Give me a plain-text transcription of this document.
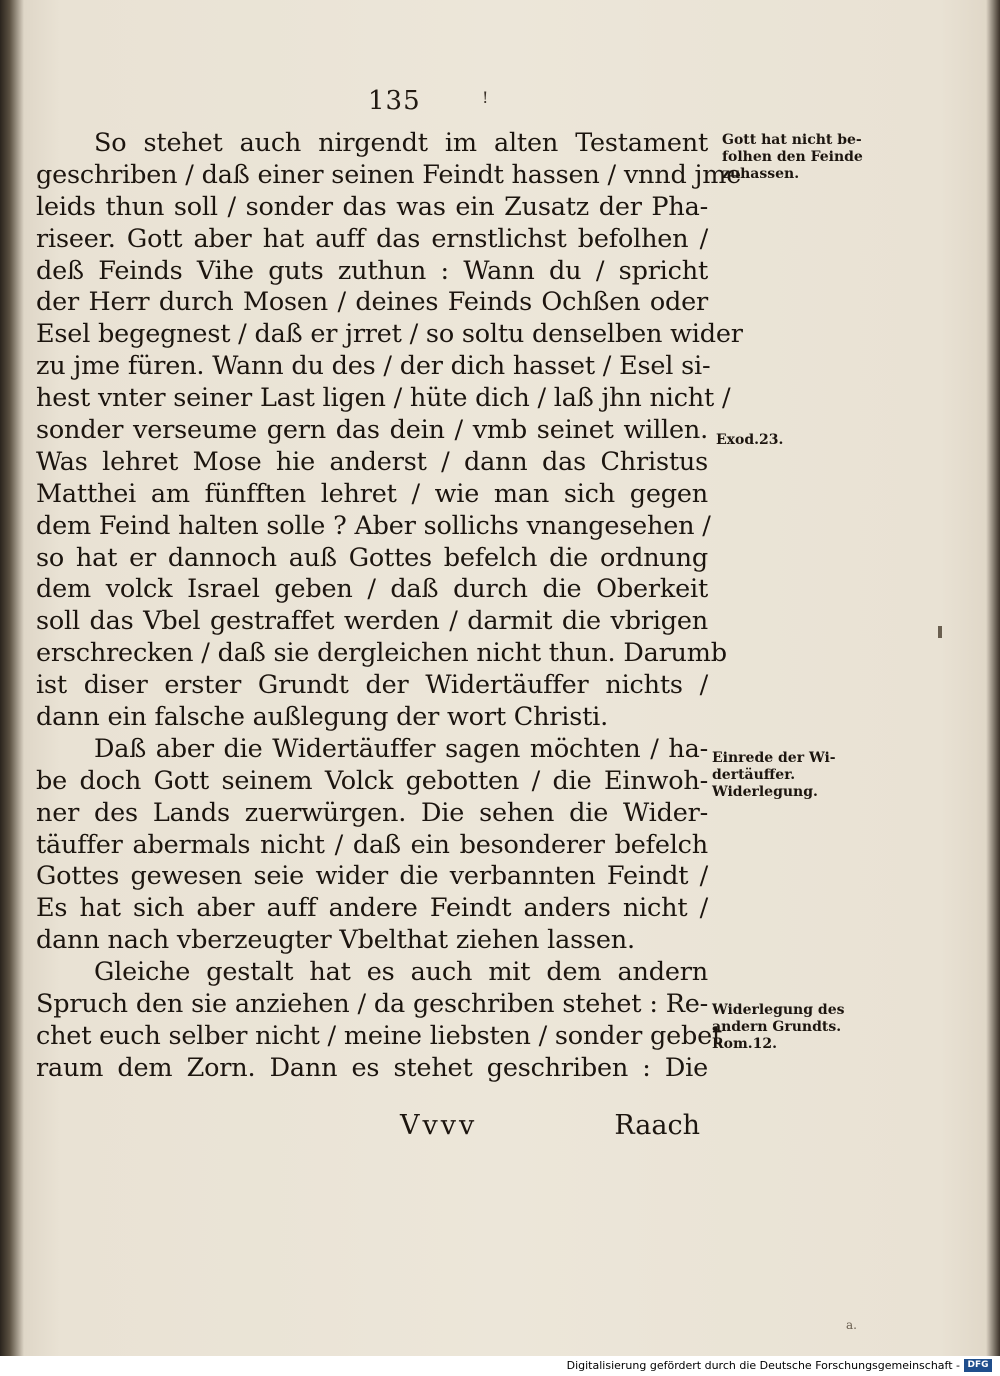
135	!
So stehet auch nirgendt im alten Testament
geschriben / daß einer seinen Feindt hassen / vnnd jme
leids thun soll / sonder das was ein Zusatz der Pha-
riseer. Gott aber hat auff das ernstlichst befolhen /
deß Feinds Vihe guts zuthun : Wann du / spricht
der Herr durch Mosen / deines Feinds Ochßen oder
Esel begegnest / daß er jrret / so soltu denselben wider
zu jme füren. Wann du des / der dich hasset / Esel si-
hest vnter seiner Last ligen / hüte dich / laß jhn nicht /
sonder verseume gern das dein / vmb seinet willen.
Was lehret Mose hie anderst / dann das Christus
Matthei am fünfften lehret / wie man sich gegen
dem Feind halten solle ? Aber sollichs vnangesehen /
so hat er dannoch auß Gottes befelch die ordnung
dem volck Israel geben / daß durch die Oberkeit
soll das Vbel gestraffet werden / darmit die vbrigen
erschrecken / daß sie dergleichen nicht thun. Darumb
ist diser erster Grundt der Widertäuffer nichts /
dann ein falsche außlegung der wort Christi.
Daß aber die Widertäuffer sagen möchten / ha-
be doch Gott seinem Volck gebotten / die Einwoh-
ner des Lands zuerwürgen. Die sehen die Wider-
täuffer abermals nicht / daß ein besonderer befelch
Gottes gewesen seie wider die verbannten Feindt /
Es hat sich aber auff andere Feindt anders nicht /
dann nach vberzeugter Vbelthat ziehen lassen.
Gleiche gestalt hat es auch mit dem andern
Spruch den sie anziehen / da geschriben stehet : Re-
chet euch selber nicht / meine liebsten / sonder gebet
raum dem Zorn. Dann es stehet geschriben : Die
Vvvv	Raach
Gott hat nicht be-
folhen den Feinde
zuhassen.
Exod.23.
Einrede der Wi-
dertäuffer.
Widerlegung.
Widerlegung des
andern Grundts.
Rom.12.
a.
Digitalisierung gefördert durch die Deutsche Forschungsgemeinschaft - DFG
